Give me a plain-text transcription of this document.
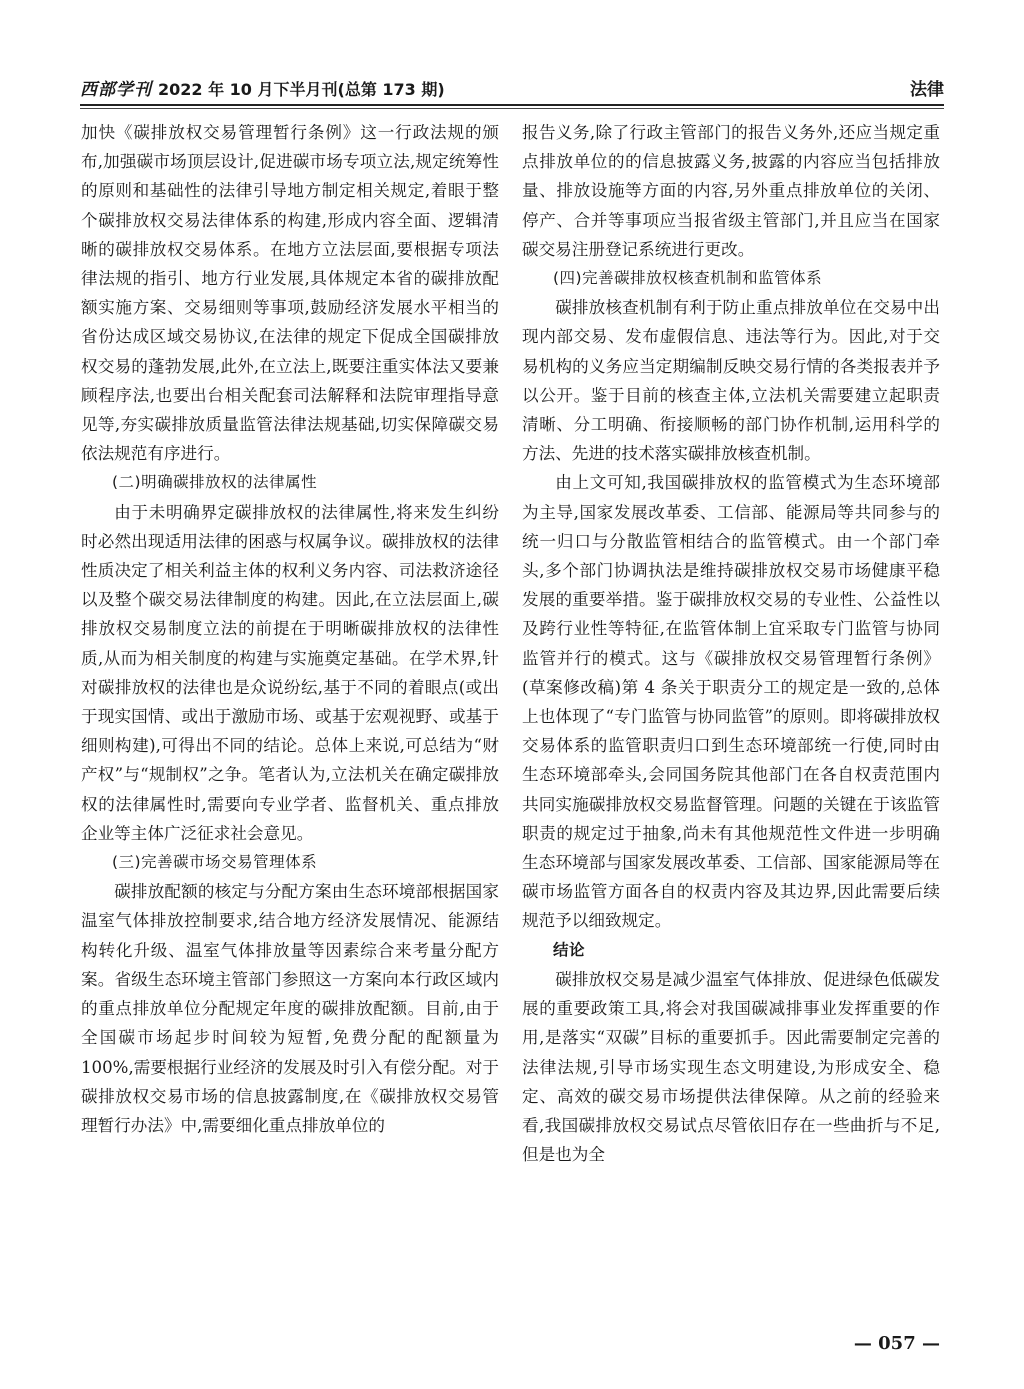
西部学刊 2022 年 10 月下半月刊(总第 173 期)	法律

加快《碳排放权交易管理暂行条例》这一行政法规的颁布,加强碳市场顶层设计,促进碳市场专项立法,规定统筹性的原则和基础性的法律引导地方制定相关规定,着眼于整个碳排放权交易法律体系的构建,形成内容全面、逻辑清晰的碳排放权交易体系。在地方立法层面,要根据专项法律法规的指引、地方行业发展,具体规定本省的碳排放配额实施方案、交易细则等事项,鼓励经济发展水平相当的省份达成区域交易协议,在法律的规定下促成全国碳排放权交易的蓬勃发展,此外,在立法上,既要注重实体法又要兼顾程序法,也要出台相关配套司法解释和法院审理指导意见等,夯实碳排放质量监管法律法规基础,切实保障碳交易依法规范有序进行。

(二)明确碳排放权的法律属性

由于未明确界定碳排放权的法律属性,将来发生纠纷时必然出现适用法律的困惑与权属争议。碳排放权的法律性质决定了相关利益主体的权利义务内容、司法救济途径以及整个碳交易法律制度的构建。因此,在立法层面上,碳排放权交易制度立法的前提在于明晰碳排放权的法律性质,从而为相关制度的构建与实施奠定基础。在学术界,针对碳排放权的法律也是众说纷纭,基于不同的着眼点(或出于现实国情、或出于激励市场、或基于宏观视野、或基于细则构建),可得出不同的结论。总体上来说,可总结为“财产权”与“规制权”之争。笔者认为,立法机关在确定碳排放权的法律属性时,需要向专业学者、监督机关、重点排放企业等主体广泛征求社会意见。

(三)完善碳市场交易管理体系

碳排放配额的核定与分配方案由生态环境部根据国家温室气体排放控制要求,结合地方经济发展情况、能源结构转化升级、温室气体排放量等因素综合来考量分配方案。省级生态环境主管部门参照这一方案向本行政区域内的重点排放单位分配规定年度的碳排放配额。目前,由于全国碳市场起步时间较为短暂,免费分配的配额量为 100%,需要根据行业经济的发展及时引入有偿分配。对于碳排放权交易市场的信息披露制度,在《碳排放权交易管理暂行办法》中,需要细化重点排放单位的

报告义务,除了行政主管部门的报告义务外,还应当规定重点排放单位的的信息披露义务,披露的内容应当包括排放量、排放设施等方面的内容,另外重点排放单位的关闭、停产、合并等事项应当报省级主管部门,并且应当在国家碳交易注册登记系统进行更改。

(四)完善碳排放权核查机制和监管体系

碳排放核查机制有利于防止重点排放单位在交易中出现内部交易、发布虚假信息、违法等行为。因此,对于交易机构的义务应当定期编制反映交易行情的各类报表并予以公开。鉴于目前的核查主体,立法机关需要建立起职责清晰、分工明确、衔接顺畅的部门协作机制,运用科学的方法、先进的技术落实碳排放核查机制。

由上文可知,我国碳排放权的监管模式为生态环境部为主导,国家发展改革委、工信部、能源局等共同参与的统一归口与分散监管相结合的监管模式。由一个部门牵头,多个部门协调执法是维持碳排放权交易市场健康平稳发展的重要举措。鉴于碳排放权交易的专业性、公益性以及跨行业性等特征,在监管体制上宜采取专门监管与协同监管并行的模式。这与《碳排放权交易管理暂行条例》(草案修改稿)第 4 条关于职责分工的规定是一致的,总体上也体现了“专门监管与协同监管”的原则。即将碳排放权交易体系的监管职责归口到生态环境部统一行使,同时由生态环境部牵头,会同国务院其他部门在各自权责范围内共同实施碳排放权交易监督管理。问题的关键在于该监管职责的规定过于抽象,尚未有其他规范性文件进一步明确生态环境部与国家发展改革委、工信部、国家能源局等在碳市场监管方面各自的权责内容及其边界,因此需要后续规范予以细致规定。

结论

碳排放权交易是减少温室气体排放、促进绿色低碳发展的重要政策工具,将会对我国碳减排事业发挥重要的作用,是落实“双碳”目标的重要抓手。因此需要制定完善的法律法规,引导市场实现生态文明建设,为形成安全、稳定、高效的碳交易市场提供法律保障。从之前的经验来看,我国碳排放权交易试点尽管依旧存在一些曲折与不足,但是也为全

— 057 —
